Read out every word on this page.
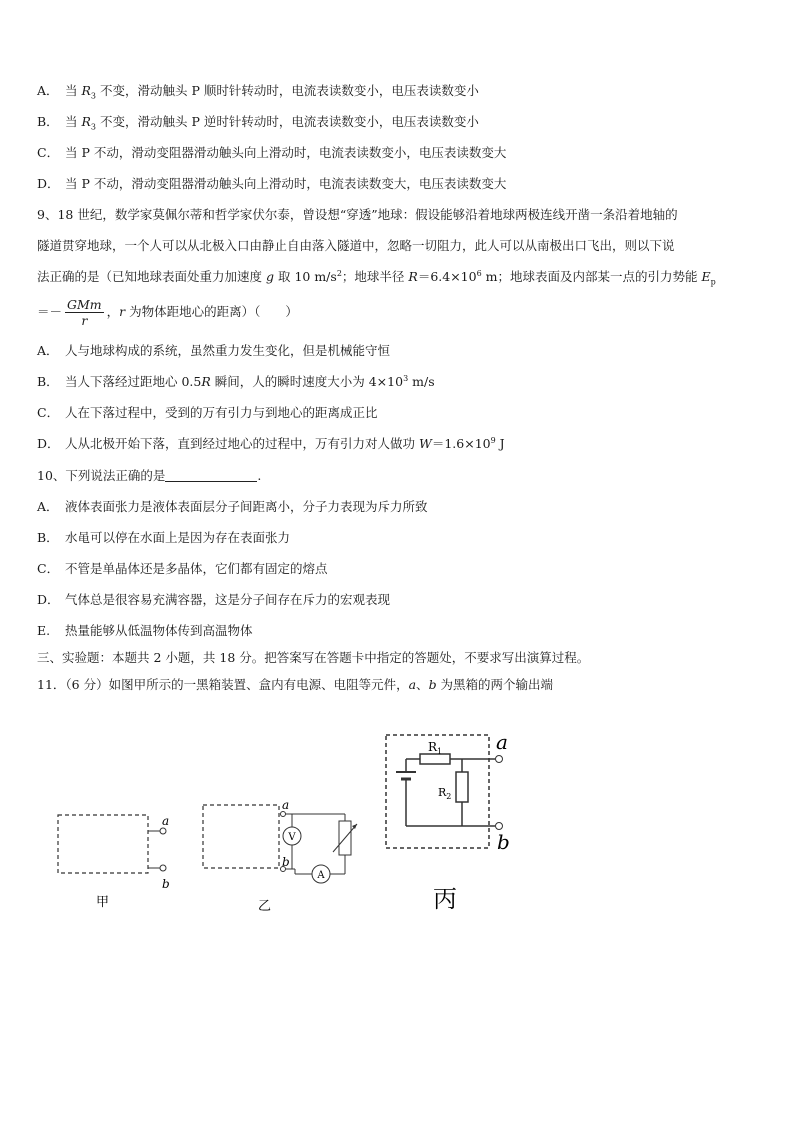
A． 当 $R_3$ 不变，滑动触头 P 顺时针转动时，电流表读数变小，电压表读数变小
B． 当 $R_3$ 不变，滑动触头 P 逆时针转动时，电流表读数变小，电压表读数变小
C． 当 P 不动，滑动变阻器滑动触头向上滑动时，电流表读数变小，电压表读数变大
D． 当 P 不动，滑动变阻器滑动触头向上滑动时，电流表读数变大，电压表读数变大
9、18 世纪，数学家莫佩尔蒂和哲学家伏尔泰，曾设想“穿透”地球：假设能够沿着地球两极连线开凿一条沿着地轴的
隧道贯穿地球，一个人可以从北极入口由静止自由落入隧道中，忽略一切阻力，此人可以从南极出口飞出，则以下说
法正确的是（已知地球表面处重力加速度 g 取 10 $m/s^2$；地球半径 $R=6.4\times 10^6$ m；地球表面及内部某一点的引力势能 $E_p$
＝－ $\frac{\text{GMm}}{r}$ ，r 为物体距地心的距离）（　　）
A． 人与地球构成的系统，虽然重力发生变化，但是机械能守恒
B． 当人下落经过距地心 0.5R 瞬间，人的瞬时速度大小为 $4\times 10^3$ m/s
C． 人在下落过程中，受到的万有引力与到地心的距离成正比
D． 人从北极开始下落，直到经过地心的过程中，万有引力对人做功 $W=1.6\times 10^9$ J
10、下列说法正确的是	.
A． 液体表面张力是液体表面层分子间距离小，分子力表现为斥力所致
B． 水黾可以停在水面上是因为存在表面张力
C． 不管是单晶体还是多晶体，它们都有固定的熔点
D． 气体总是很容易充满容器，这是分子间存在斥力的宏观表现
E. 热量能够从低温物体传到高温物体
三、实验题：本题共 2 小题，共 18 分。把答案写在答题卡中指定的答题处，不要求写出演算过程。
11．（6 分）如图甲所示的一黑箱装置、盒内有电源、电阻等元件，a、b 为黑箱的两个输出端
a
b
甲
a
b
A
V
乙
$R_1$	a
$R_2$
b
丙
